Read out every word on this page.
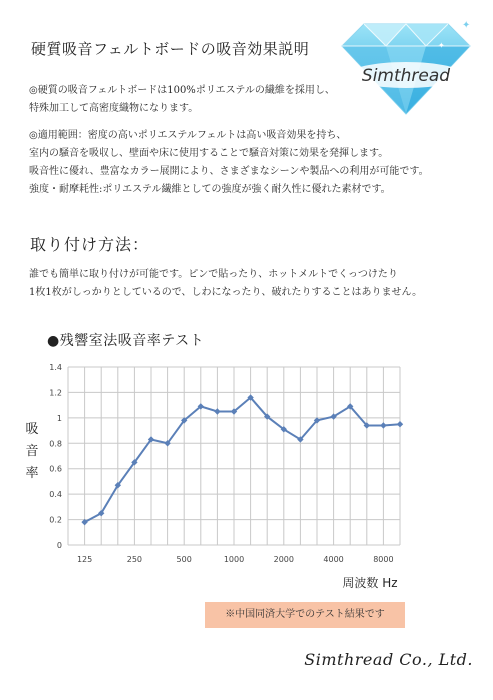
硬質吸音フェルトボードの吸音効果説明
✦
✦
Simthread
◎硬質の吸音フェルトボードは100%ポリエステルの繊維を採用し、
特殊加工して高密度織物になります。
◎適用範囲：密度の高いポリエステルフェルトは高い吸音効果を持ち、
室内の騒音を吸収し、壁面や床に使用することで騒音対策に効果を発揮します。
吸音性に優れ、豊富なカラー展開により、さまざまなシーンや製品への利用が可能です。
強度・耐摩耗性:ポリエステル繊維としての強度が強く耐久性に優れた素材です。
取り付け方法：
誰でも簡単に取り付けが可能です。ピンで貼ったり、ホットメルトでくっつけたり
1枚1枚がしっかりとしているので、しわになったり、破れたりすることはありません。
●残響室法吸音率テスト
0
0.2
0.4
0.6
0.8
1
1.2
1.4
125	250	500	1000	2000	4000	8000
吸
音
率
周波数 Hz
※中国同済大学でのテスト結果です
Simthread Co., Ltd.
